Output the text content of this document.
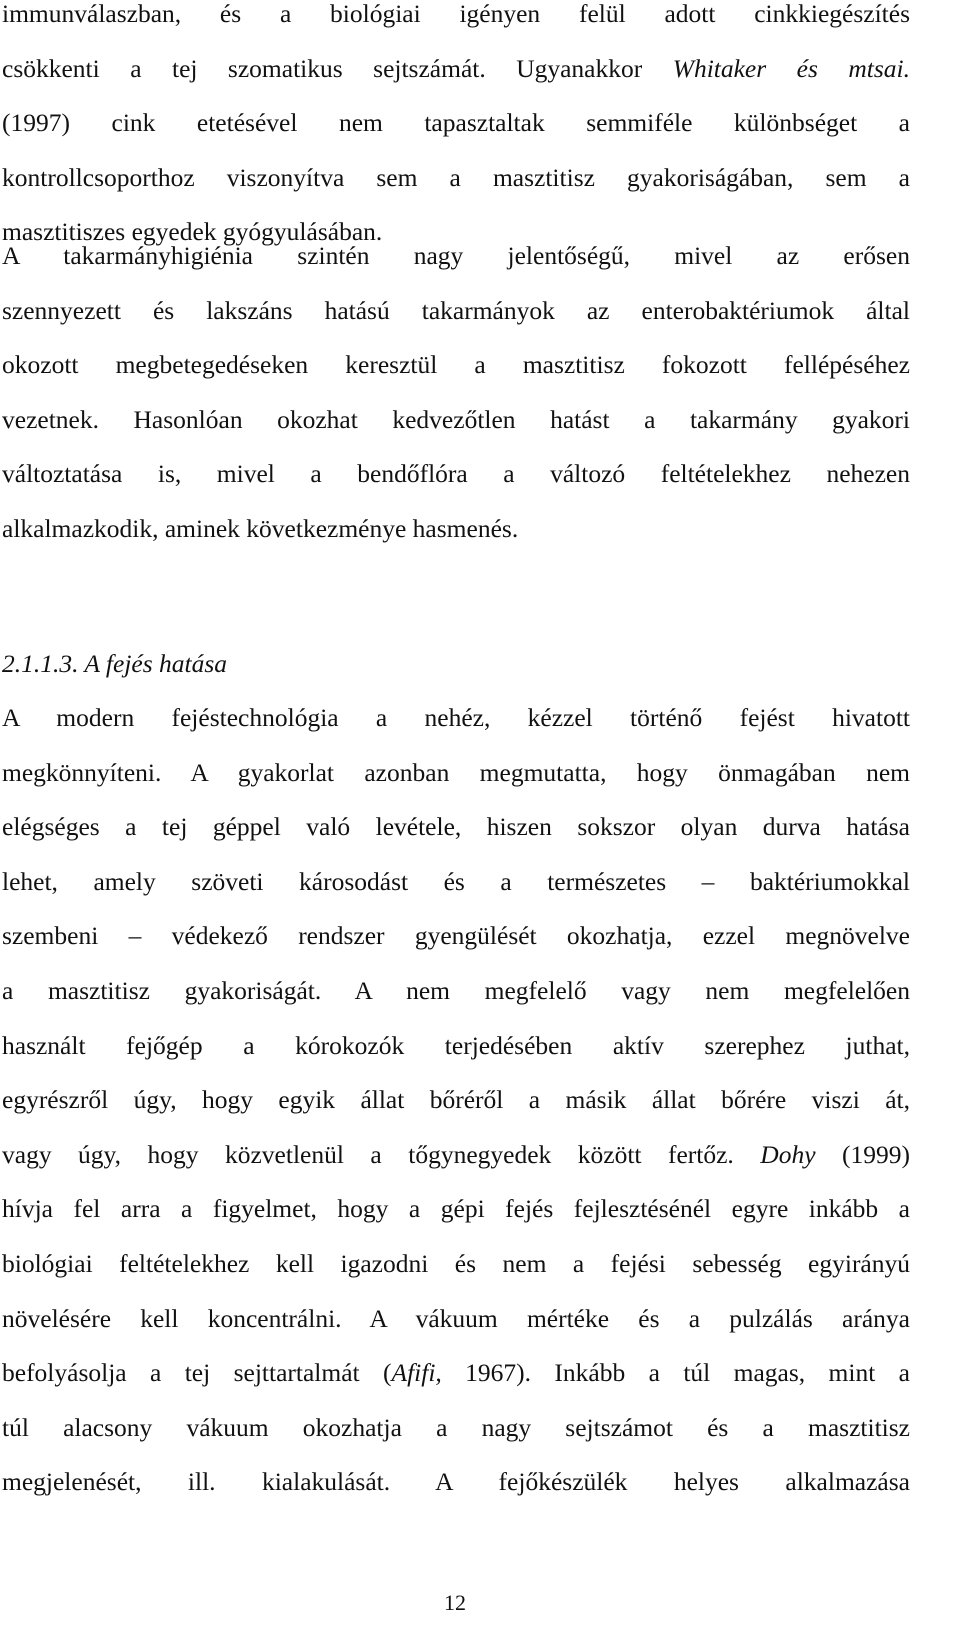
immunválaszban, és a biológiai igényen felül adott cinkkiegészítés
csökkenti a tej szomatikus sejtszámát. Ugyanakkor Whitaker és mtsai.
(1997) cink etetésével nem tapasztaltak semmiféle különbséget a
kontrollcsoporthoz viszonyítva sem a masztitisz gyakoriságában, sem a
masztitiszes egyedek gyógyulásában.
A takarmányhigiénia szintén nagy jelentőségű, mivel az erősen
szennyezett és lakszáns hatású takarmányok az enterobaktériumok által
okozott megbetegedéseken keresztül a masztitisz fokozott fellépéséhez
vezetnek. Hasonlóan okozhat kedvezőtlen hatást a takarmány gyakori
változtatása is, mivel a bendőflóra a változó feltételekhez nehezen
alkalmazkodik, aminek következménye hasmenés.
2.1.1.3. A fejés hatása
A modern fejéstechnológia a nehéz, kézzel történő fejést hivatott
megkönnyíteni. A gyakorlat azonban megmutatta, hogy önmagában nem
elégséges a tej géppel való levétele, hiszen sokszor olyan durva hatása
lehet, amely szöveti károsodást és a természetes – baktériumokkal
szembeni – védekező rendszer gyengülését okozhatja, ezzel megnövelve
a masztitisz gyakoriságát. A nem megfelelő vagy nem megfelelően
használt fejőgép a kórokozók terjedésében aktív szerephez juthat,
egyrészről úgy, hogy egyik állat bőréről a másik állat bőrére viszi át,
vagy úgy, hogy közvetlenül a tőgynegyedek között fertőz. Dohy (1999)
hívja fel arra a figyelmet, hogy a gépi fejés fejlesztésénél egyre inkább a
biológiai feltételekhez kell igazodni és nem a fejési sebesség egyirányú
növelésére kell koncentrálni. A vákuum mértéke és a pulzálás aránya
befolyásolja a tej sejttartalmát (Afifi, 1967). Inkább a túl magas, mint a
túl alacsony vákuum okozhatja a nagy sejtszámot és a masztitisz
megjelenését, ill. kialakulását. A fejőkészülék helyes alkalmazása
12
